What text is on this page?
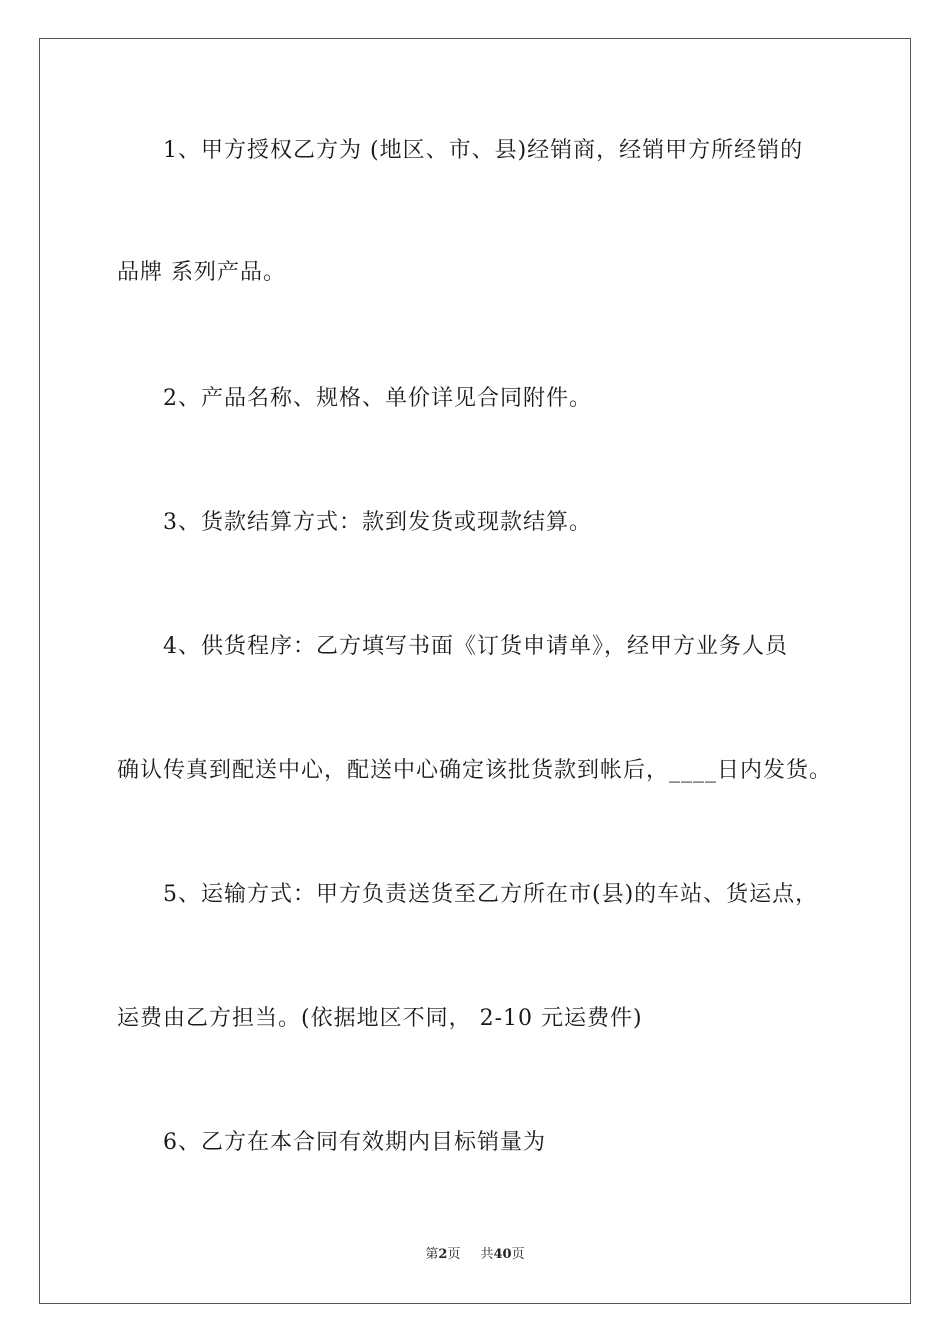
1、甲方授权乙方为 (地区、市、县)经销商，经销甲方所经销的
品牌 系列产品。
2、产品名称、规格、单价详见合同附件。
3、货款结算方式：款到发货或现款结算。
4、供货程序：乙方填写书面《订货申请单》，经甲方业务人员
确认传真到配送中心，配送中心确定该批货款到帐后，____日内发货。
5、运输方式：甲方负责送货至乙方所在市(县)的车站、货运点，
运费由乙方担当。(依据地区不同， 2-10 元运费件)
6、乙方在本合同有效期内目标销量为
第2页 共40页
